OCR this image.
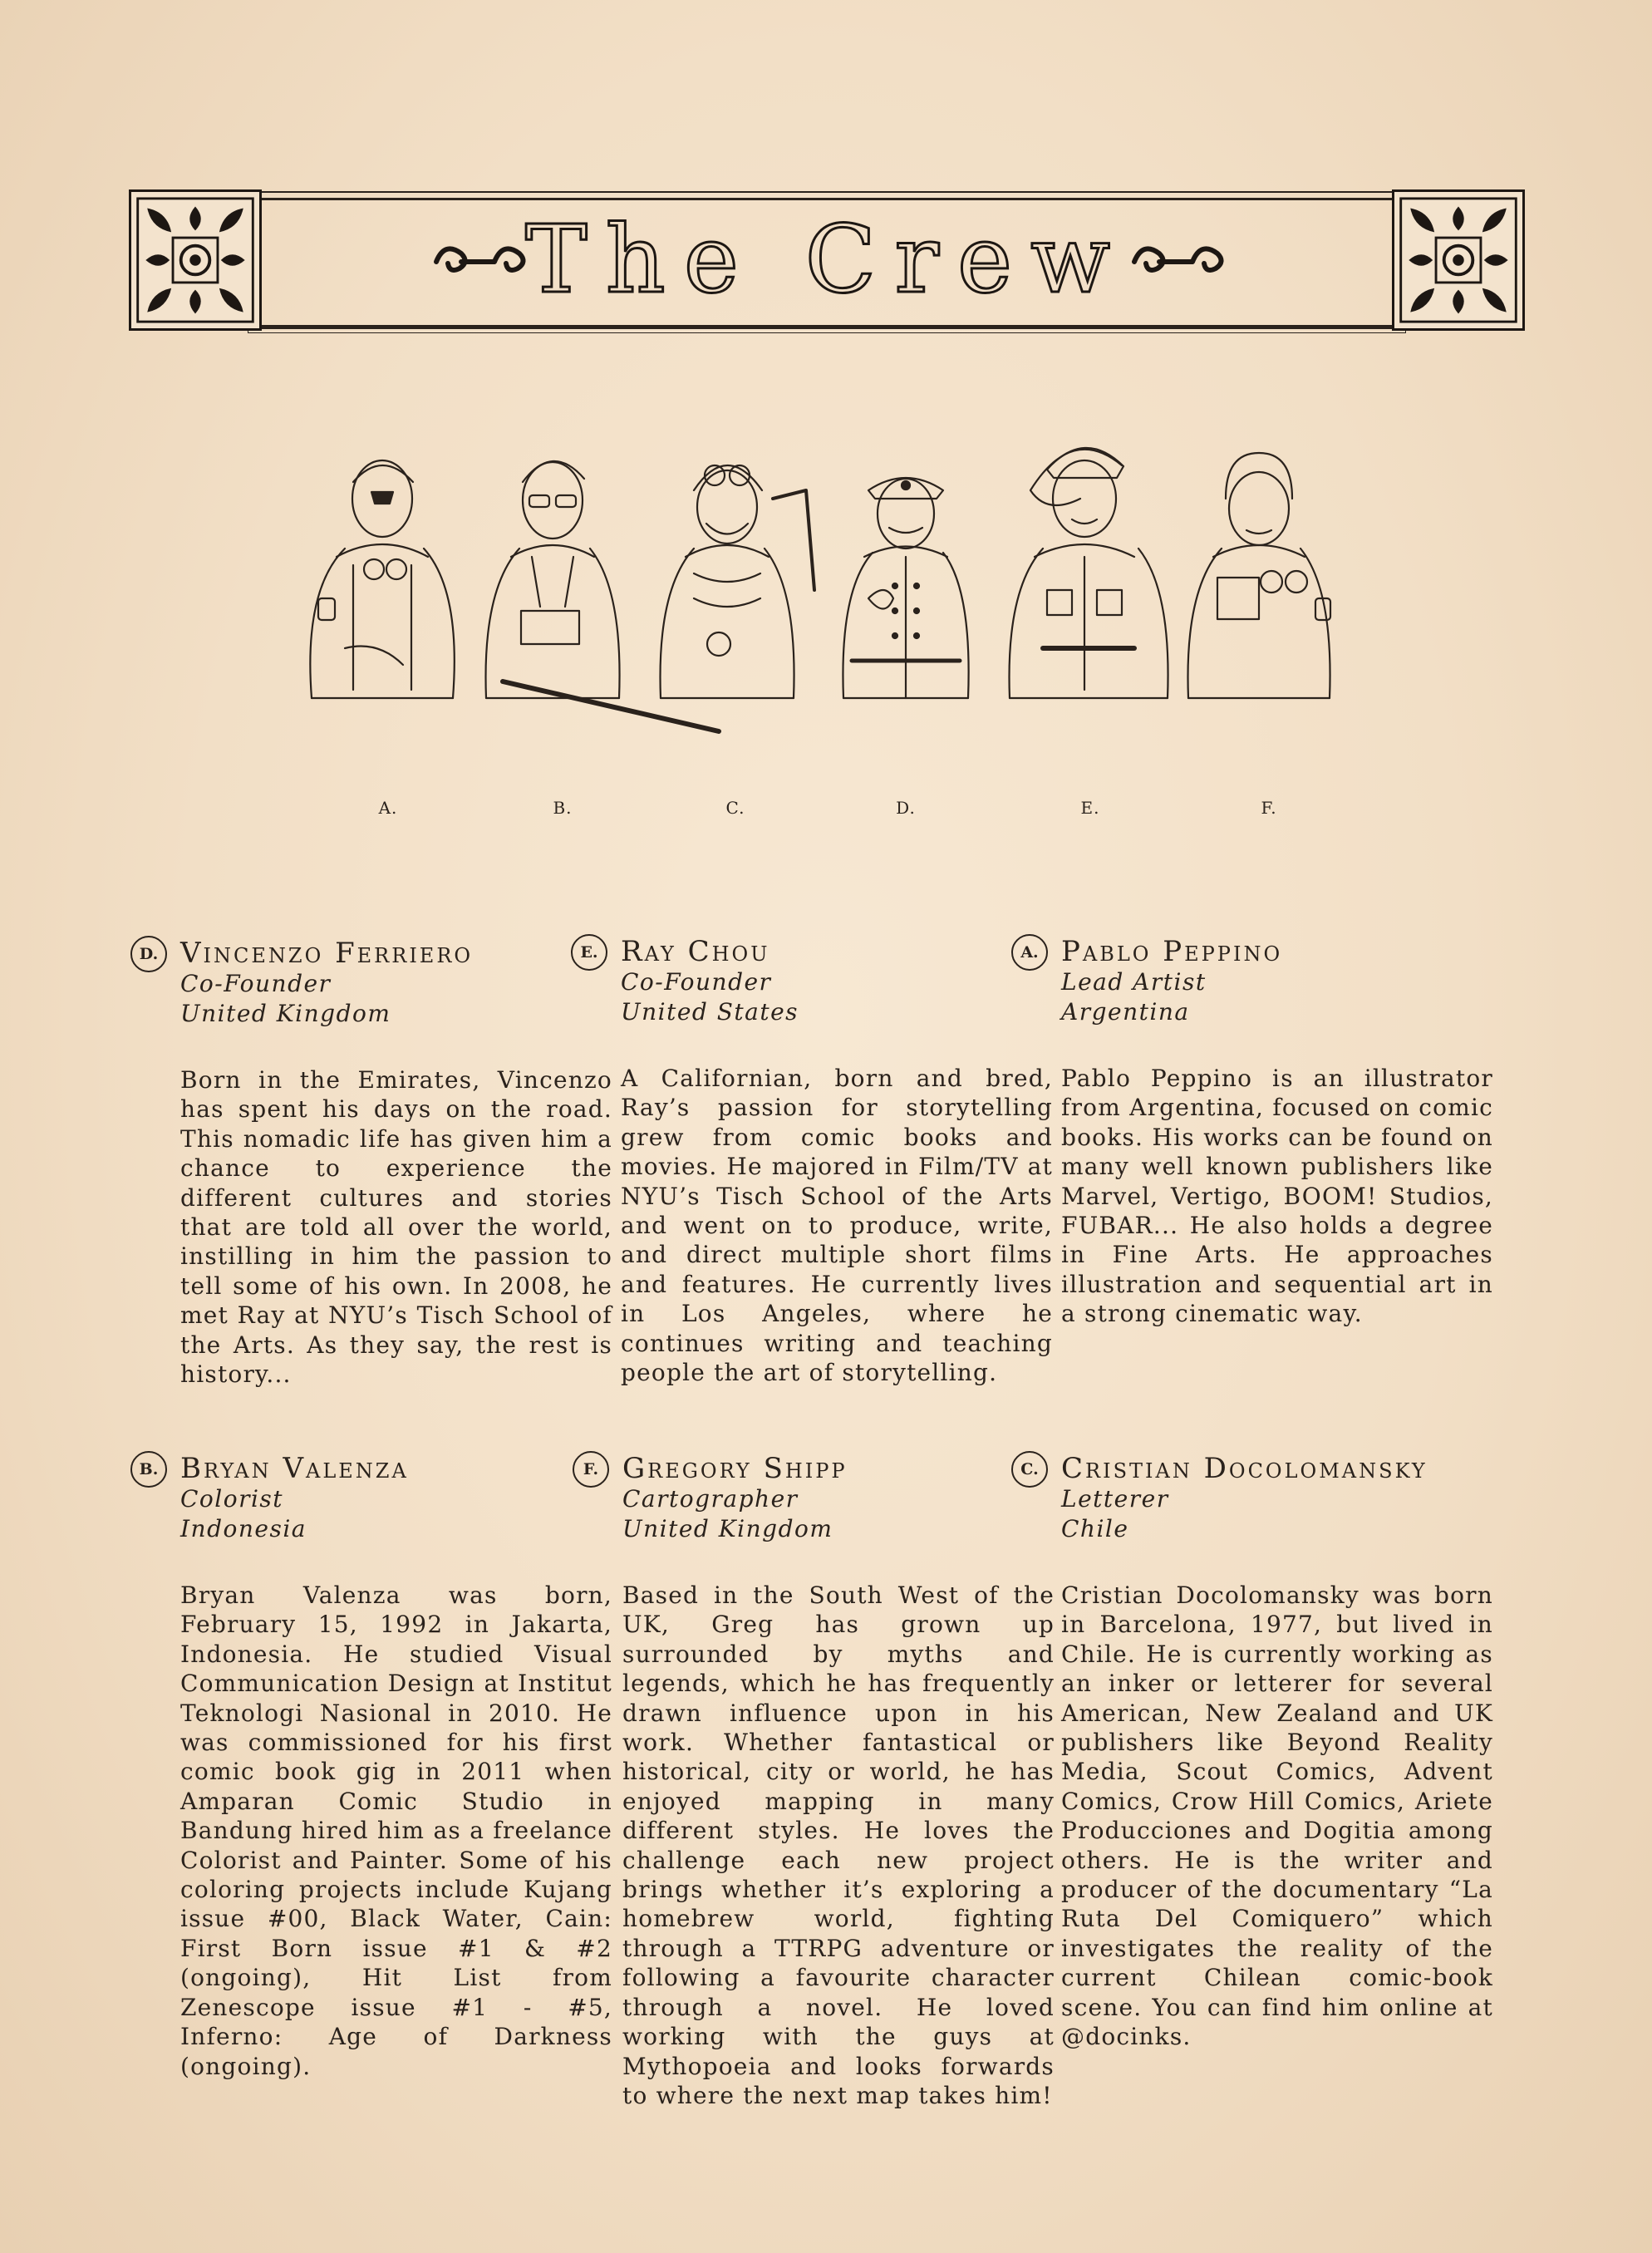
The Crew
A.	B.	C.	D.	E.	F.
D. Vincenzo Ferriero
Co-Founder
United Kingdom
Born in the Emirates, Vincenzo has spent his days on the road. This nomadic life has given him a chance to experience the different cultures and stories that are told all over the world, instilling in him the passion to tell some of his own. In 2008, he met Ray at NYU’s Tisch School of the Arts. As they say, the rest is history...
E. Ray Chou
Co-Founder
United States
A Californian, born and bred, Ray’s passion for storytelling grew from comic books and movies. He majored in Film/TV at NYU’s Tisch School of the Arts and went on to produce, write, and direct multiple short films and features. He currently lives in Los Angeles, where he continues writing and teaching people the art of storytelling.
A. Pablo Peppino
Lead Artist
Argentina
Pablo Peppino is an illustrator from Argentina, focused on comic books. His works can be found on many well known publishers like Marvel, Vertigo, BOOM! Studios, FUBAR... He also holds a degree in Fine Arts. He approaches illustration and sequential art in a strong cinematic way.
B. Bryan Valenza
Colorist
Indonesia
Bryan Valenza was born, February 15, 1992 in Jakarta, Indonesia. He studied Visual Communication Design at Institut Teknologi Nasional in 2010. He was commissioned for his first comic book gig in 2011 when Amparan Comic Studio in Bandung hired him as a freelance Colorist and Painter. Some of his coloring projects include Kujang issue #00, Black Water, Cain: First Born issue #1 & #2 (ongoing), Hit List from Zenescope issue #1 - #5, Inferno: Age of Darkness (ongoing).
F. Gregory Shipp
Cartographer
United Kingdom
Based in the South West of the UK, Greg has grown up surrounded by myths and legends, which he has frequently drawn influence upon in his work. Whether fantastical or historical, city or world, he has enjoyed mapping in many different styles. He loves the challenge each new project brings whether it’s exploring a homebrew world, fighting through a TTRPG adventure or following a favourite character through a novel. He loved working with the guys at Mythopoeia and looks forwards to where the next map takes him!
C. Cristian Docolomansky
Letterer
Chile
Cristian Docolomansky was born in Barcelona, 1977, but lived in Chile. He is currently working as an inker or letterer for several American, New Zealand and UK publishers like Beyond Reality Media, Scout Comics, Advent Comics, Crow Hill Comics, Ariete Producciones and Dogitia among others. He is the writer and producer of the documentary “La Ruta Del Comiquero” which investigates the reality of the current Chilean comic-book scene. You can find him online at @docinks.
